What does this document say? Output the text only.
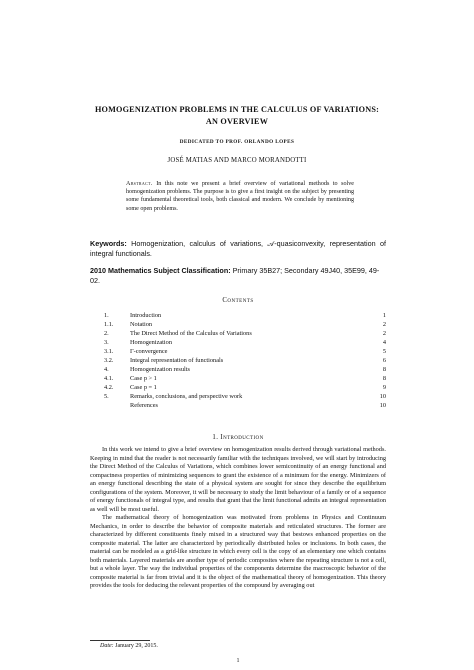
HOMOGENIZATION PROBLEMS IN THE CALCULUS OF VARIATIONS:
AN OVERVIEW
DEDICATED TO PROF. ORLANDO LOPES
JOSÉ MATIAS AND MARCO MORANDOTTI
Abstract. In this note we present a brief overview of variational methods to solve homogenization problems. The purpose is to give a first insight on the subject by presenting some fundamental theoretical tools, both classical and modern. We conclude by mentioning some open problems.
Keywords: Homogenization, calculus of variations, 𝒜-quasiconvexity, representation of integral functionals.
2010 Mathematics Subject Classification: Primary 35B27; Secondary 49J40, 35E99, 49-02.
Contents
1.	Introduction	1
1.1.	Notation	2
2.	The Direct Method of the Calculus of Variations	2
3.	Homogenization	4
3.1.	Γ-convergence	5
3.2.	Integral representation of functionals	6
4.	Homogenization results	8
4.1.	Case p > 1	8
4.2.	Case p = 1	9
5.	Remarks, conclusions, and perspective work	10
References	10
1. Introduction

In this work we intend to give a brief overview on homogenization results derived through variational methods. Keeping in mind that the reader is not necessarily familiar with the techniques involved, we will start by introducing the Direct Method of the Calculus of Variations, which combines lower semicontinuity of an energy functional and compactness properties of minimizing sequences to grant the existence of a minimum for the energy. Minimizers of an energy functional describing the state of a physical system are sought for since they describe the equilibrium configurations of the system. Moreover, it will be necessary to study the limit behaviour of a family or of a sequence of energy functionals of integral type, and results that grant that the limit functional admits an integral representation as well will be most useful.

The mathematical theory of homogenization was motivated from problems in Physics and Continuum Mechanics, in order to describe the behavior of composite materials and reticulated structures. The former are characterized by different constituents finely mixed in a structured way that bestows enhanced properties on the composite material. The latter are characterized by periodically distributed holes or inclusions. In both cases, the material can be modeled as a grid-like structure in which every cell is the copy of an elementary one which contains both materials. Layered materials are another type of periodic composites where the repeating structure is not a cell, but a whole layer. The way the individual properties of the components determine the macroscopic behavior of the composite material is far from trivial and it is the object of the mathematical theory of homogenization. This theory provides the tools for deducing the relevant properties of the compound by averaging out

Date: January 29, 2015.
1
